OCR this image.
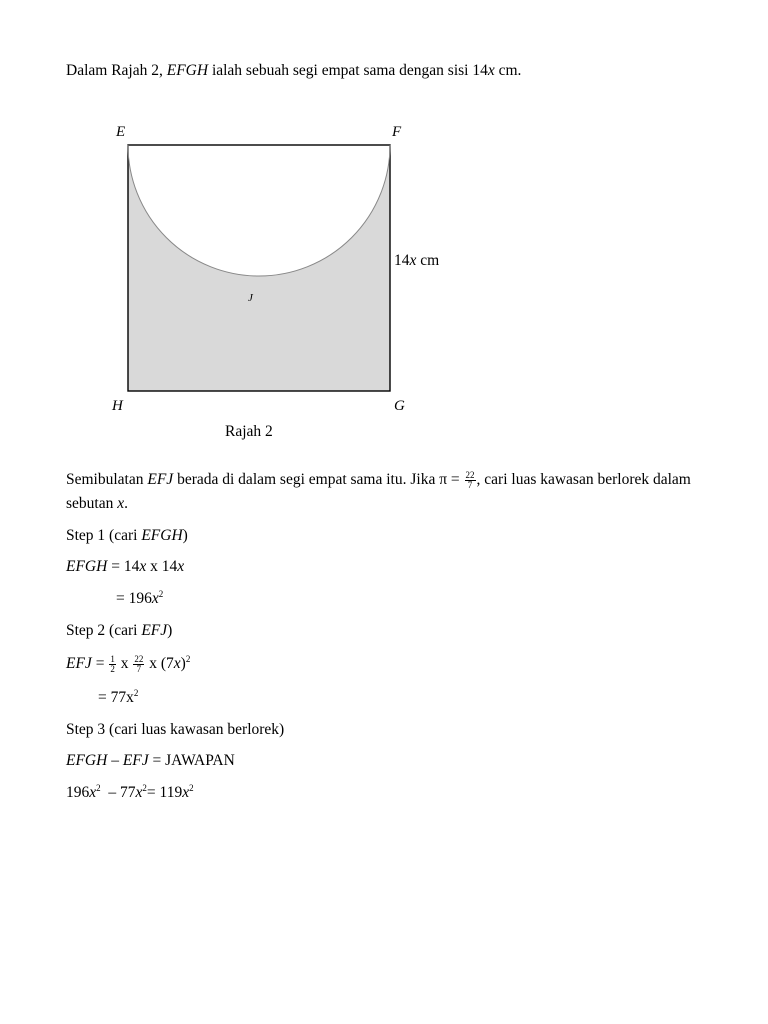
Dalam Rajah 2, EFGH ialah sebuah segi empat sama dengan sisi 14x cm.
E	F
H	G
J
14x cm
Rajah 2
Semibulatan EFJ berada di dalam segi empat sama itu. Jika $\pi = \frac{22}{7}$ , cari luas kawasan berlorek dalam sebutan x.
Step 1 (cari EFGH)
EFGH = 14x x 14x
= $196x^2$
Step 2 (cari EFJ)
EFJ = $\frac{1}{2}$ x $\frac{22}{7}$ x $(7x)^2$
= $77x^2$
Step 3 (cari luas kawasan berlorek)
EFGH – EFJ = JAWAPAN
$196x^2 - 77x^2= 119x^2$
